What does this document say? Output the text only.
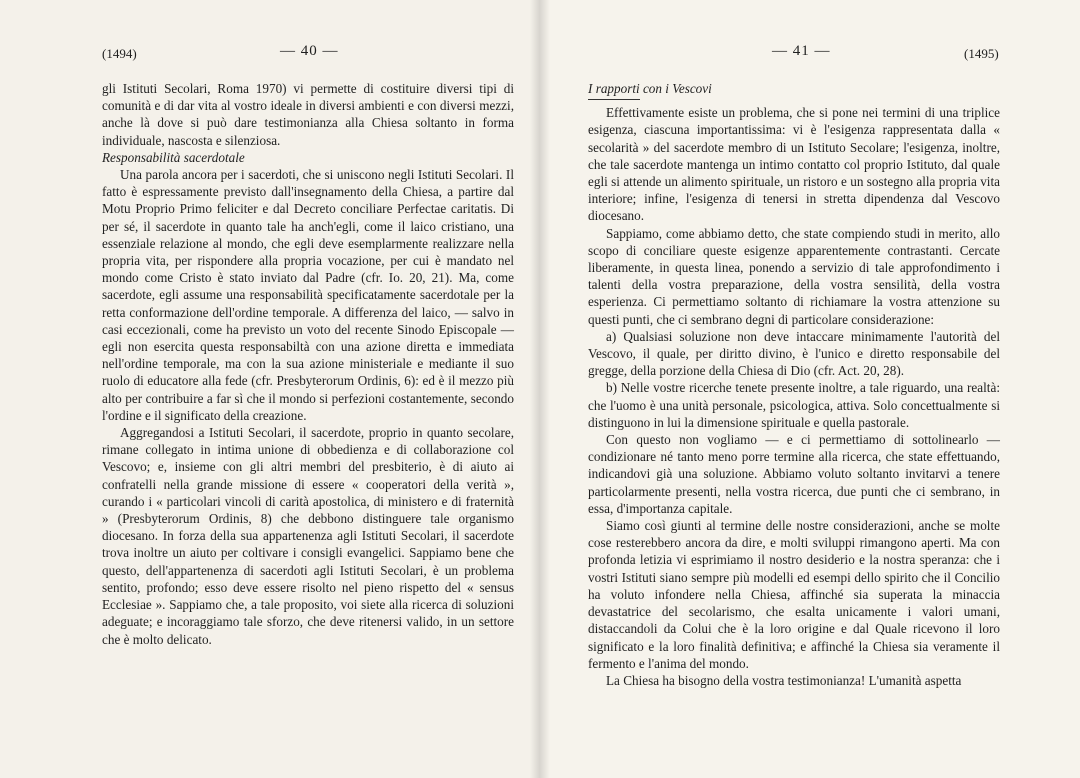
(1494)	— 40 —

gli Istituti Secolari, Roma 1970) vi permette di costituire diversi tipi di comunità e di dar vita al vostro ideale in diversi ambienti e con diversi mezzi, anche là dove si può dare testimonianza alla Chiesa soltanto in forma individuale, nascosta e silenziosa.

Responsabilità sacerdotale

Una parola ancora per i sacerdoti, che si uniscono negli Istituti Secolari. Il fatto è espressamente previsto dall'insegnamento della Chiesa, a partire dal Motu Proprio Primo feliciter e dal Decreto conciliare Perfectae caritatis. Di per sé, il sacerdote in quanto tale ha anch'egli, come il laico cristiano, una essenziale relazione al mondo, che egli deve esemplarmente realizzare nella propria vita, per rispondere alla propria vocazione, per cui è mandato nel mondo come Cristo è stato inviato dal Padre (cfr. Io. 20, 21). Ma, come sacerdote, egli assume una responsabilità specificatamente sacerdotale per la retta conformazione dell'ordine temporale. A differenza del laico, — salvo in casi eccezionali, come ha previsto un voto del recente Sinodo Episcopale — egli non esercita questa responsabiltà con una azione diretta e immediata nell'ordine temporale, ma con la sua azione ministeriale e mediante il suo ruolo di educatore alla fede (cfr. Presbyterorum Ordinis, 6): ed è il mezzo più alto per contribuire a far sì che il mondo si perfezioni costantemente, secondo l'ordine e il significato della creazione.

Aggregandosi a Istituti Secolari, il sacerdote, proprio in quanto secolare, rimane collegato in intima unione di obbedienza e di collaborazione col Vescovo; e, insieme con gli altri membri del presbiterio, è di aiuto ai confratelli nella grande missione di essere « cooperatori della verità », curando i « particolari vincoli di carità apostolica, di ministero e di fraternità » (Presbyterorum Ordinis, 8) che debbono distinguere tale organismo diocesano. In forza della sua appartenenza agli Istituti Secolari, il sacerdote trova inoltre un aiuto per coltivare i consigli evangelici. Sappiamo bene che questo, dell'appartenenza di sacerdoti agli Istituti Secolari, è un problema sentito, profondo; esso deve essere risolto nel pieno rispetto del « sensus Ecclesiae ». Sappiamo che, a tale proposito, voi siete alla ricerca di soluzioni adeguate; e incoraggiamo tale sforzo, che deve ritenersi valido, in un settore che è molto delicato.

— 41 —	(1495)

I rapporti con i Vescovi

Effettivamente esiste un problema, che si pone nei termini di una triplice esigenza, ciascuna importantissima: vi è l'esigenza rappresentata dalla « secolarità » del sacerdote membro di un Istituto Secolare; l'esigenza, inoltre, che tale sacerdote mantenga un intimo contatto col proprio Istituto, dal quale egli si attende un alimento spirituale, un ristoro e un sostegno alla propria vita interiore; infine, l'esigenza di tenersi in stretta dipendenza dal Vescovo diocesano.

Sappiamo, come abbiamo detto, che state compiendo studi in merito, allo scopo di conciliare queste esigenze apparentemente contrastanti. Cercate liberamente, in questa linea, ponendo a servizio di tale approfondimento i talenti della vostra preparazione, della vostra sensilità, della vostra esperienza. Ci permettiamo soltanto di richiamare la vostra attenzione su questi punti, che ci sembrano degni di particolare considerazione:

a) Qualsiasi soluzione non deve intaccare minimamente l'autorità del Vescovo, il quale, per diritto divino, è l'unico e diretto responsabile del gregge, della porzione della Chiesa di Dio (cfr. Act. 20, 28).

b) Nelle vostre ricerche tenete presente inoltre, a tale riguardo, una realtà: che l'uomo è una unità personale, psicologica, attiva. Solo concettualmente si distinguono in lui la dimensione spirituale e quella pastorale.

Con questo non vogliamo — e ci permettiamo di sottolinearlo — condizionare né tanto meno porre termine alla ricerca, che state effettuando, indicandovi già una soluzione. Abbiamo voluto soltanto invitarvi a tenere particolarmente presenti, nella vostra ricerca, due punti che ci sembrano, in essa, d'importanza capitale.

Siamo così giunti al termine delle nostre considerazioni, anche se molte cose resterebbero ancora da dire, e molti sviluppi rimangono aperti. Ma con profonda letizia vi esprimiamo il nostro desiderio e la nostra speranza: che i vostri Istituti siano sempre più modelli ed esempi dello spirito che il Concilio ha voluto infondere nella Chiesa, affinché sia superata la minaccia devastatrice del secolarismo, che esalta unicamente i valori umani, distaccandoli da Colui che è la loro origine e dal Quale ricevono il loro significato e la loro finalità definitiva; e affinché la Chiesa sia veramente il fermento e l'anima del mondo.

La Chiesa ha bisogno della vostra testimonianza! L'umanità aspetta
